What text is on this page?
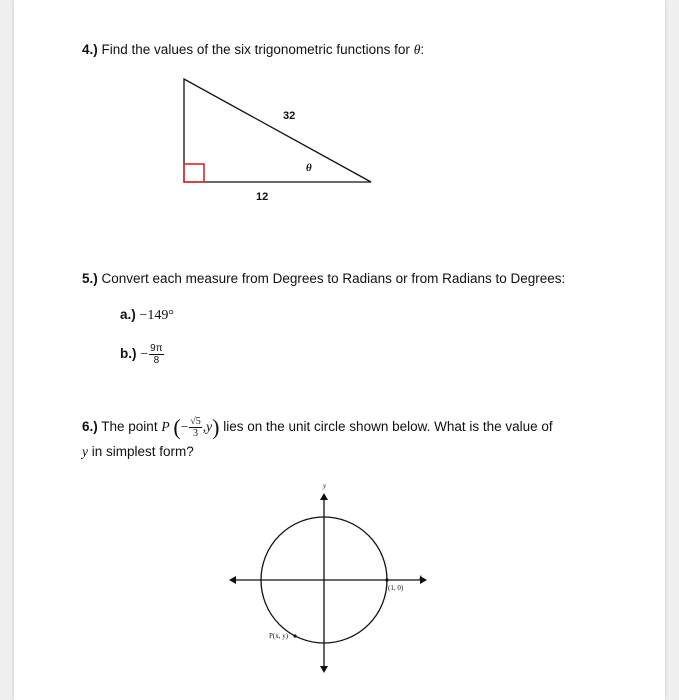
4.) Find the values of the six trigonometric functions for θ:
32
θ
12
5.) Convert each measure from Degrees to Radians or from Radians to Degrees:
a.) −149°
$b.) - \frac{9\pi}{8}$
6.) The point P (− $\frac{√5}{3} ,y$) lies on the unit circle shown below. What is the value of
y in simplest form?
y
x
(1, 0)
P(x, y)
